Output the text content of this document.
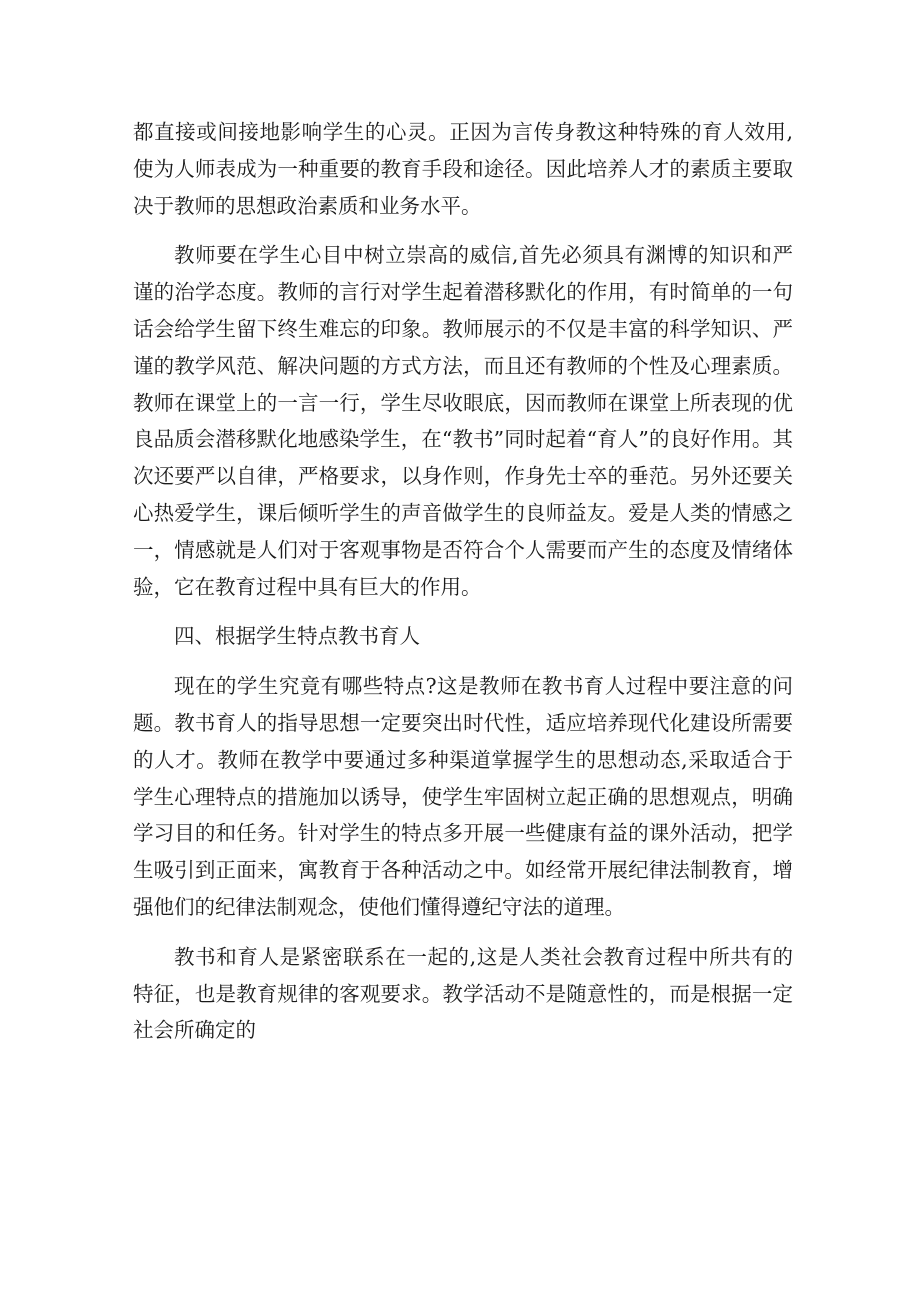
都直接或间接地影响学生的心灵。正因为言传身教这种特殊的育人效用,使为人师表成为一种重要的教育手段和途径。因此培养人才的素质主要取决于教师的思想政治素质和业务水平。

教师要在学生心目中树立崇高的威信,首先必须具有渊博的知识和严谨的治学态度。教师的言行对学生起着潜移默化的作用，有时简单的一句话会给学生留下终生难忘的印象。教师展示的不仅是丰富的科学知识、严谨的教学风范、解决问题的方式方法，而且还有教师的个性及心理素质。教师在课堂上的一言一行，学生尽收眼底，因而教师在课堂上所表现的优良品质会潜移默化地感染学生，在“教书”同时起着“育人”的良好作用。其次还要严以自律，严格要求，以身作则，作身先士卒的垂范。另外还要关心热爱学生，课后倾听学生的声音做学生的良师益友。爱是人类的情感之一，情感就是人们对于客观事物是否符合个人需要而产生的态度及情绪体验，它在教育过程中具有巨大的作用。

四、根据学生特点教书育人

现在的学生究竟有哪些特点?这是教师在教书育人过程中要注意的问题。教书育人的指导思想一定要突出时代性，适应培养现代化建设所需要的人才。教师在教学中要通过多种渠道掌握学生的思想动态,采取适合于学生心理特点的措施加以诱导，使学生牢固树立起正确的思想观点，明确学习目的和任务。针对学生的特点多开展一些健康有益的课外活动，把学生吸引到正面来，寓教育于各种活动之中。如经常开展纪律法制教育，增强他们的纪律法制观念，使他们懂得遵纪守法的道理。

教书和育人是紧密联系在一起的,这是人类社会教育过程中所共有的特征，也是教育规律的客观要求。教学活动不是随意性的，而是根据一定社会所确定的
